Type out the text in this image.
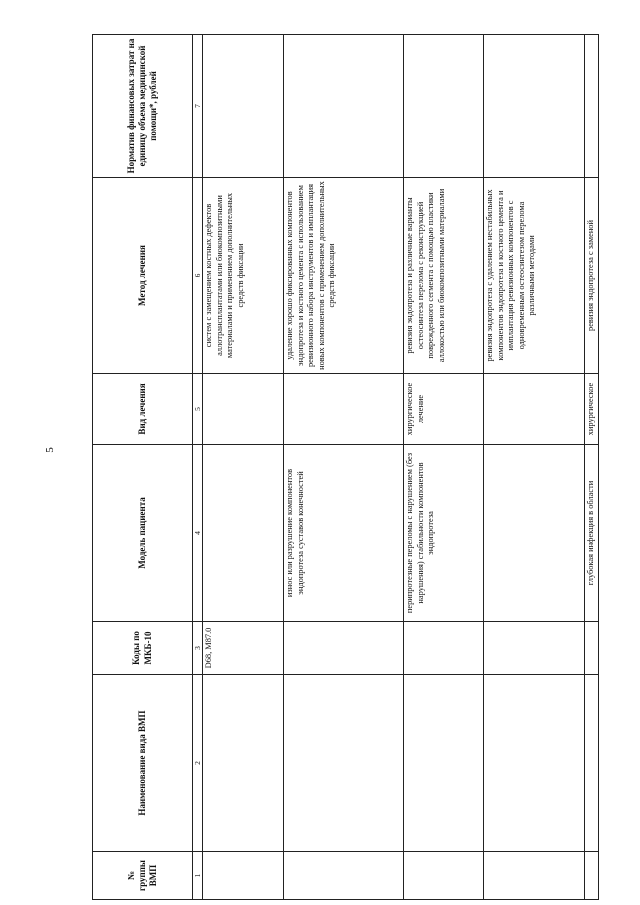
5
№ группы ВМП	Наименование вида ВМП	Коды по МКБ-10	Модель пациента	Вид лечения	Метод лечения	Норматив финансовых затрат на единицу объема медицинской помощи*, рублей
1	2	3	4	5	6	7
		D68, M87.0			систем с замещением костных дефектов аллотрансплантатами или биокомпозитными материалами и применением дополнительных средств фиксации	
			износ или разрушение компонентов эндопротеза суставов конечностей		удаление хорошо фиксированных компонентов эндопротеза и костного цемента с использованием ревизионного набора инструментов и имплантация новых компонентов с применением дополнительных средств фиксации	
			перипротезные переломы с нарушением (без нарушения) стабильности компонентов эндопротеза	хирургическое лечение	ревизия эндопротеза и различные варианты остеосинтеза перелома с реконструкцией поврежденного сегмента с помощью пластики аллокостью или биокомпозитными материалами	
					ревизия эндопротеза с удалением нестабильных компонентов эндопротеза и костного цемента и имплантация ревизионных компонентов с одновременным остеосинтезом перелома различными методами	
			глубокая инфекция в области	хирургическое	ревизия эндопротеза с заменой	
